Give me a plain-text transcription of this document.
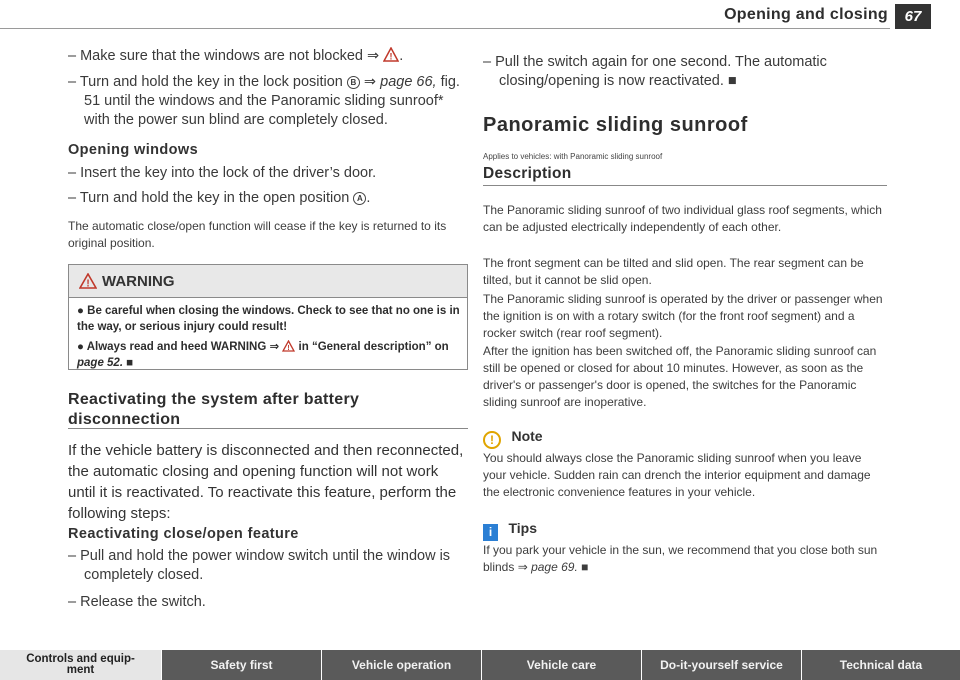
Opening and closing	67
– Make sure that the windows are not blocked ⇒ ! .
– Turn and hold the key in the lock position B ⇒ page 66, fig. 51 until the windows and the Panoramic sliding sunroof* with the power sun blind are completely closed.
Opening windows
– Insert the key into the lock of the driver’s door.
– Turn and hold the key in the open position A .
The automatic close/open function will cease if the key is returned to its original position.
! WARNING
● Be careful when closing the windows. Check to see that no one is in the way, or serious injury could result!
● Always read and heed WARNING ⇒ ! in “General description” on page 52. ■
Reactivating the system after battery disconnection
If the vehicle battery is disconnected and then reconnected, the automatic closing and opening function will not work until it is reactivated. To reactivate this feature, perform the following steps:
Reactivating close/open feature
– Pull and hold the power window switch until the window is completely closed.
– Release the switch.
– Pull the switch again for one second. The automatic closing/opening is now reactivated. ■
Panoramic sliding sunroof
Applies to vehicles: with Panoramic sliding sunroof
Description
The Panoramic sliding sunroof of two individual glass roof segments, which can be adjusted electrically independently of each other.
The front segment can be tilted and slid open. The rear segment can be tilted, but it cannot be slid open.
The Panoramic sliding sunroof is operated by the driver or passenger when the ignition is on with a rotary switch (for the front roof segment) and a rocker switch (rear roof segment).
After the ignition has been switched off, the Panoramic sliding sunroof can still be opened or closed for about 10 minutes. However, as soon as the driver's or passenger's door is opened, the switches for the Panoramic sliding sunroof are inoperative.
! Note
You should always close the Panoramic sliding sunroof when you leave your vehicle. Sudden rain can drench the interior equipment and damage the electronic convenience features in your vehicle.
i Tips
If you park your vehicle in the sun, we recommend that you close both sun blinds ⇒ page 69. ■
Controls and equip-
ment	Safety first	Vehicle operation	Vehicle care	Do-it-yourself service	Technical data
